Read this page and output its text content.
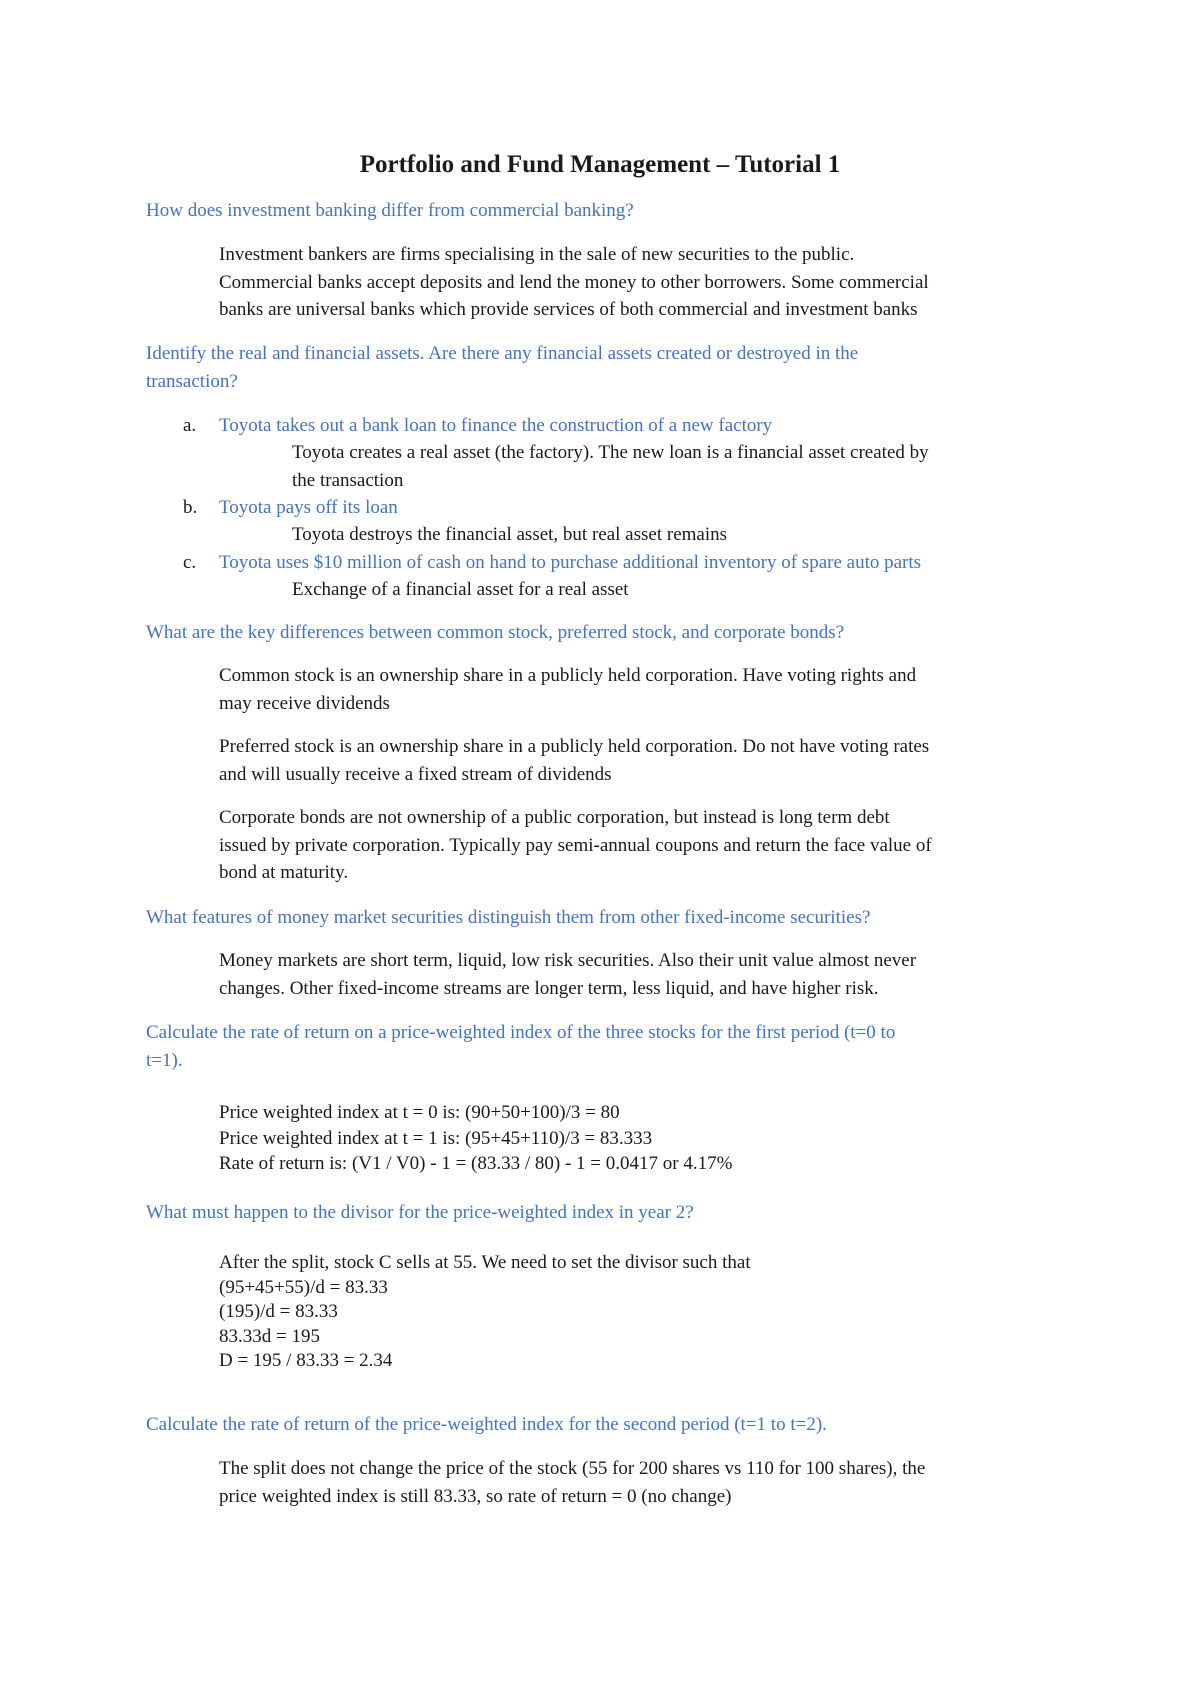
Portfolio and Fund Management – Tutorial 1
How does investment banking differ from commercial banking?
Investment bankers are firms specialising in the sale of new securities to the public.
Commercial banks accept deposits and lend the money to other borrowers. Some commercial
banks are universal banks which provide services of both commercial and investment banks
Identify the real and financial assets. Are there any financial assets created or destroyed in the
transaction?
a. Toyota takes out a bank loan to finance the construction of a new factory
Toyota creates a real asset (the factory). The new loan is a financial asset created by
the transaction
b. Toyota pays off its loan
Toyota destroys the financial asset, but real asset remains
c. Toyota uses $10 million of cash on hand to purchase additional inventory of spare auto parts
Exchange of a financial asset for a real asset
What are the key differences between common stock, preferred stock, and corporate bonds?
Common stock is an ownership share in a publicly held corporation. Have voting rights and
may receive dividends
Preferred stock is an ownership share in a publicly held corporation. Do not have voting rates
and will usually receive a fixed stream of dividends
Corporate bonds are not ownership of a public corporation, but instead is long term debt
issued by private corporation. Typically pay semi-annual coupons and return the face value of
bond at maturity.
What features of money market securities distinguish them from other fixed-income securities?
Money markets are short term, liquid, low risk securities. Also their unit value almost never
changes. Other fixed-income streams are longer term, less liquid, and have higher risk.
Calculate the rate of return on a price-weighted index of the three stocks for the first period (t=0 to
t=1).
Price weighted index at t = 0 is: (90+50+100)/3 = 80
Price weighted index at t = 1 is: (95+45+110)/3 = 83.333
Rate of return is: (V1 / V0) - 1 = (83.33 / 80) - 1 = 0.0417 or 4.17%
What must happen to the divisor for the price-weighted index in year 2?
After the split, stock C sells at 55. We need to set the divisor such that
(95+45+55)/d = 83.33
(195)/d = 83.33
83.33d = 195
D = 195 / 83.33 = 2.34
Calculate the rate of return of the price-weighted index for the second period (t=1 to t=2).
The split does not change the price of the stock (55 for 200 shares vs 110 for 100 shares), the
price weighted index is still 83.33, so rate of return = 0 (no change)
